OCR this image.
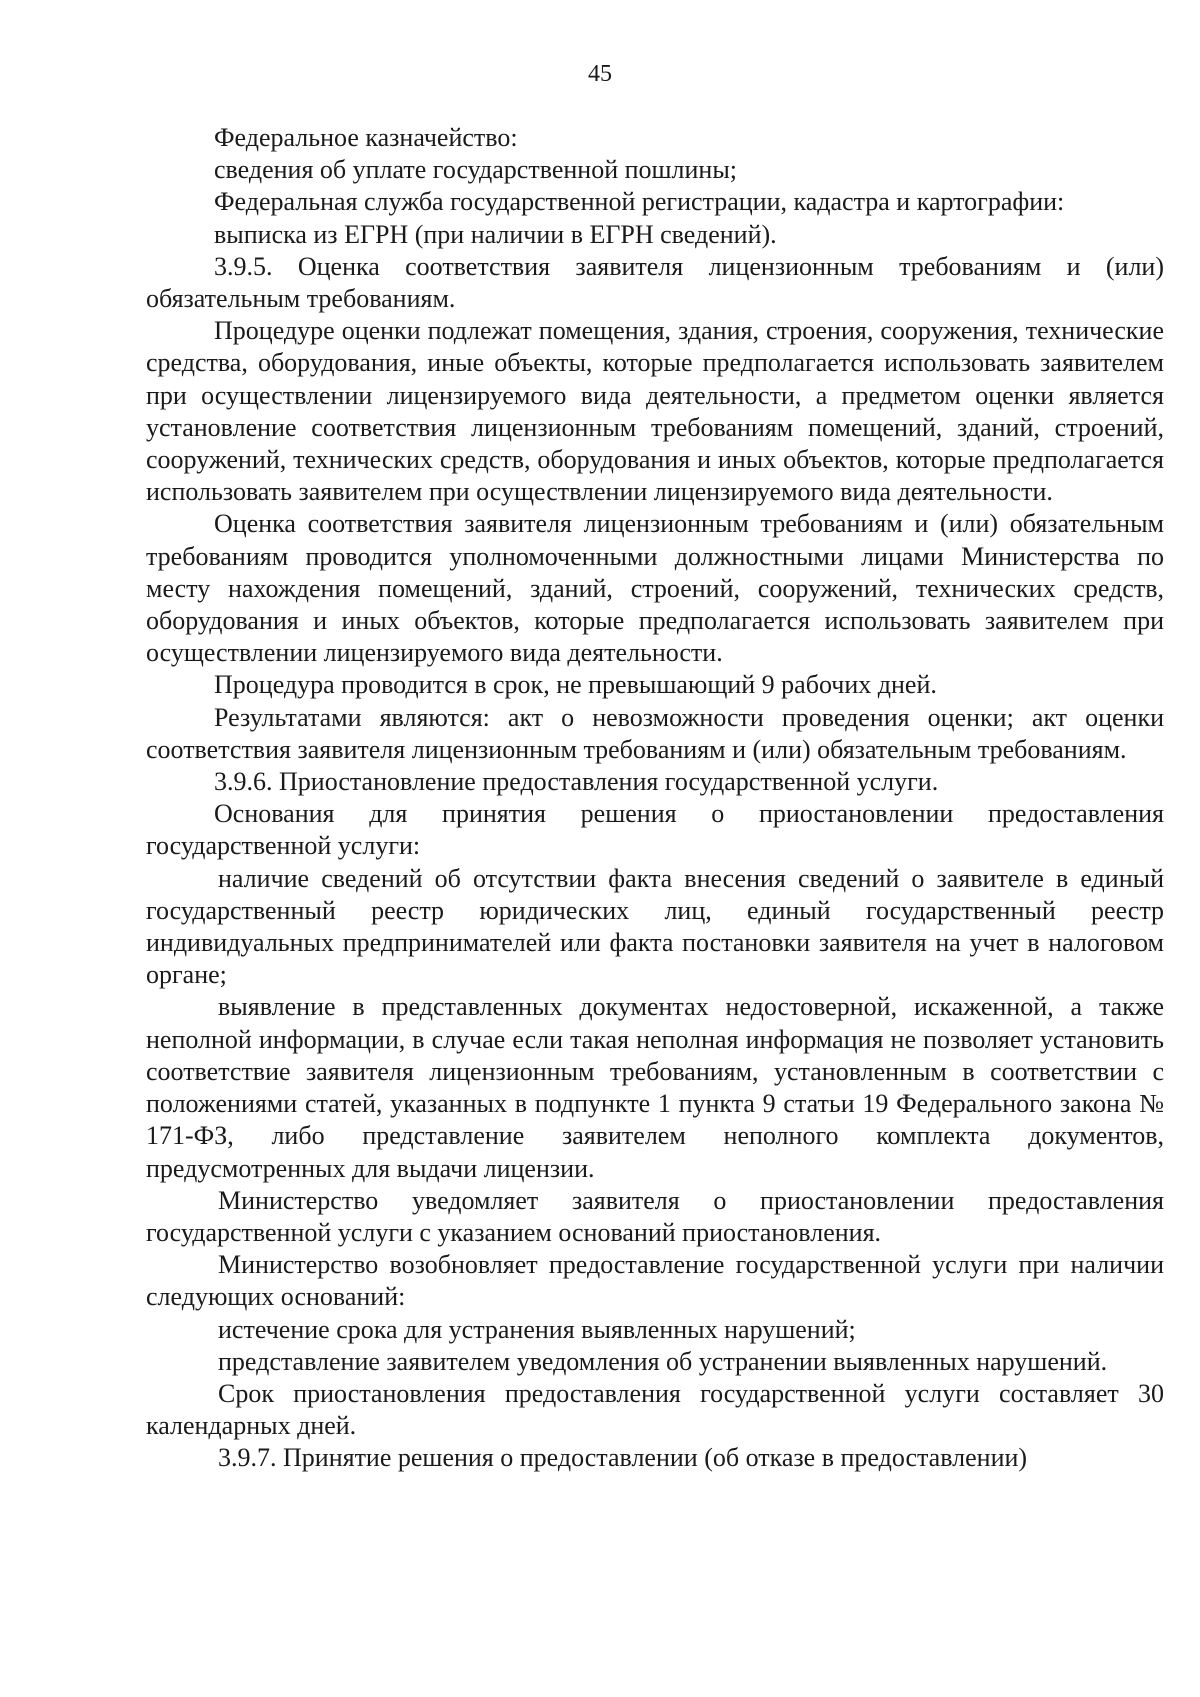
45

Федеральное казначейство:

сведения об уплате государственной пошлины;

Федеральная служба государственной регистрации, кадастра и картографии:

выписка из ЕГРН (при наличии в ЕГРН сведений).

3.9.5. Оценка соответствия заявителя лицензионным требованиям и (или) обязательным требованиям.

Процедуре оценки подлежат помещения, здания, строения, сооружения, технические средства, оборудования, иные объекты, которые предполагается использовать заявителем при осуществлении лицензируемого вида деятельности, а предметом оценки является установление соответствия лицензионным требованиям помещений, зданий, строений, сооружений, технических средств, оборудования и иных объектов, которые предполагается использовать заявителем при осуществлении лицензируемого вида деятельности.

Оценка соответствия заявителя лицензионным требованиям и (или) обязательным требованиям проводится уполномоченными должностными лицами Министерства по месту нахождения помещений, зданий, строений, сооружений, технических средств, оборудования и иных объектов, которые предполагается использовать заявителем при осуществлении лицензируемого вида деятельности.

Процедура проводится в срок, не превышающий 9 рабочих дней.

Результатами являются: акт о невозможности проведения оценки; акт оценки соответствия заявителя лицензионным требованиям и (или) обязательным требованиям.

3.9.6. Приостановление предоставления государственной услуги.

Основания для принятия решения о приостановлении предоставления государственной услуги:

наличие сведений об отсутствии факта внесения сведений о заявителе в единый государственный реестр юридических лиц, единый государственный реестр индивидуальных предпринимателей или факта постановки заявителя на учет в налоговом органе;

выявление в представленных документах недостоверной, искаженной, а также неполной информации, в случае если такая неполная информация не позволяет установить соответствие заявителя лицензионным требованиям, установленным в соответствии с положениями статей, указанных в подпункте 1 пункта 9 статьи 19 Федерального закона № 171-ФЗ, либо представление заявителем неполного комплекта документов, предусмотренных для выдачи лицензии.

Министерство уведомляет заявителя о приостановлении предоставления государственной услуги с указанием оснований приостановления.

Министерство возобновляет предоставление государственной услуги при наличии следующих оснований:

истечение срока для устранения выявленных нарушений;

представление заявителем уведомления об устранении выявленных нарушений.

Срок приостановления предоставления государственной услуги составляет 30 календарных дней.

3.9.7. Принятие решения о предоставлении (об отказе в предоставлении)
